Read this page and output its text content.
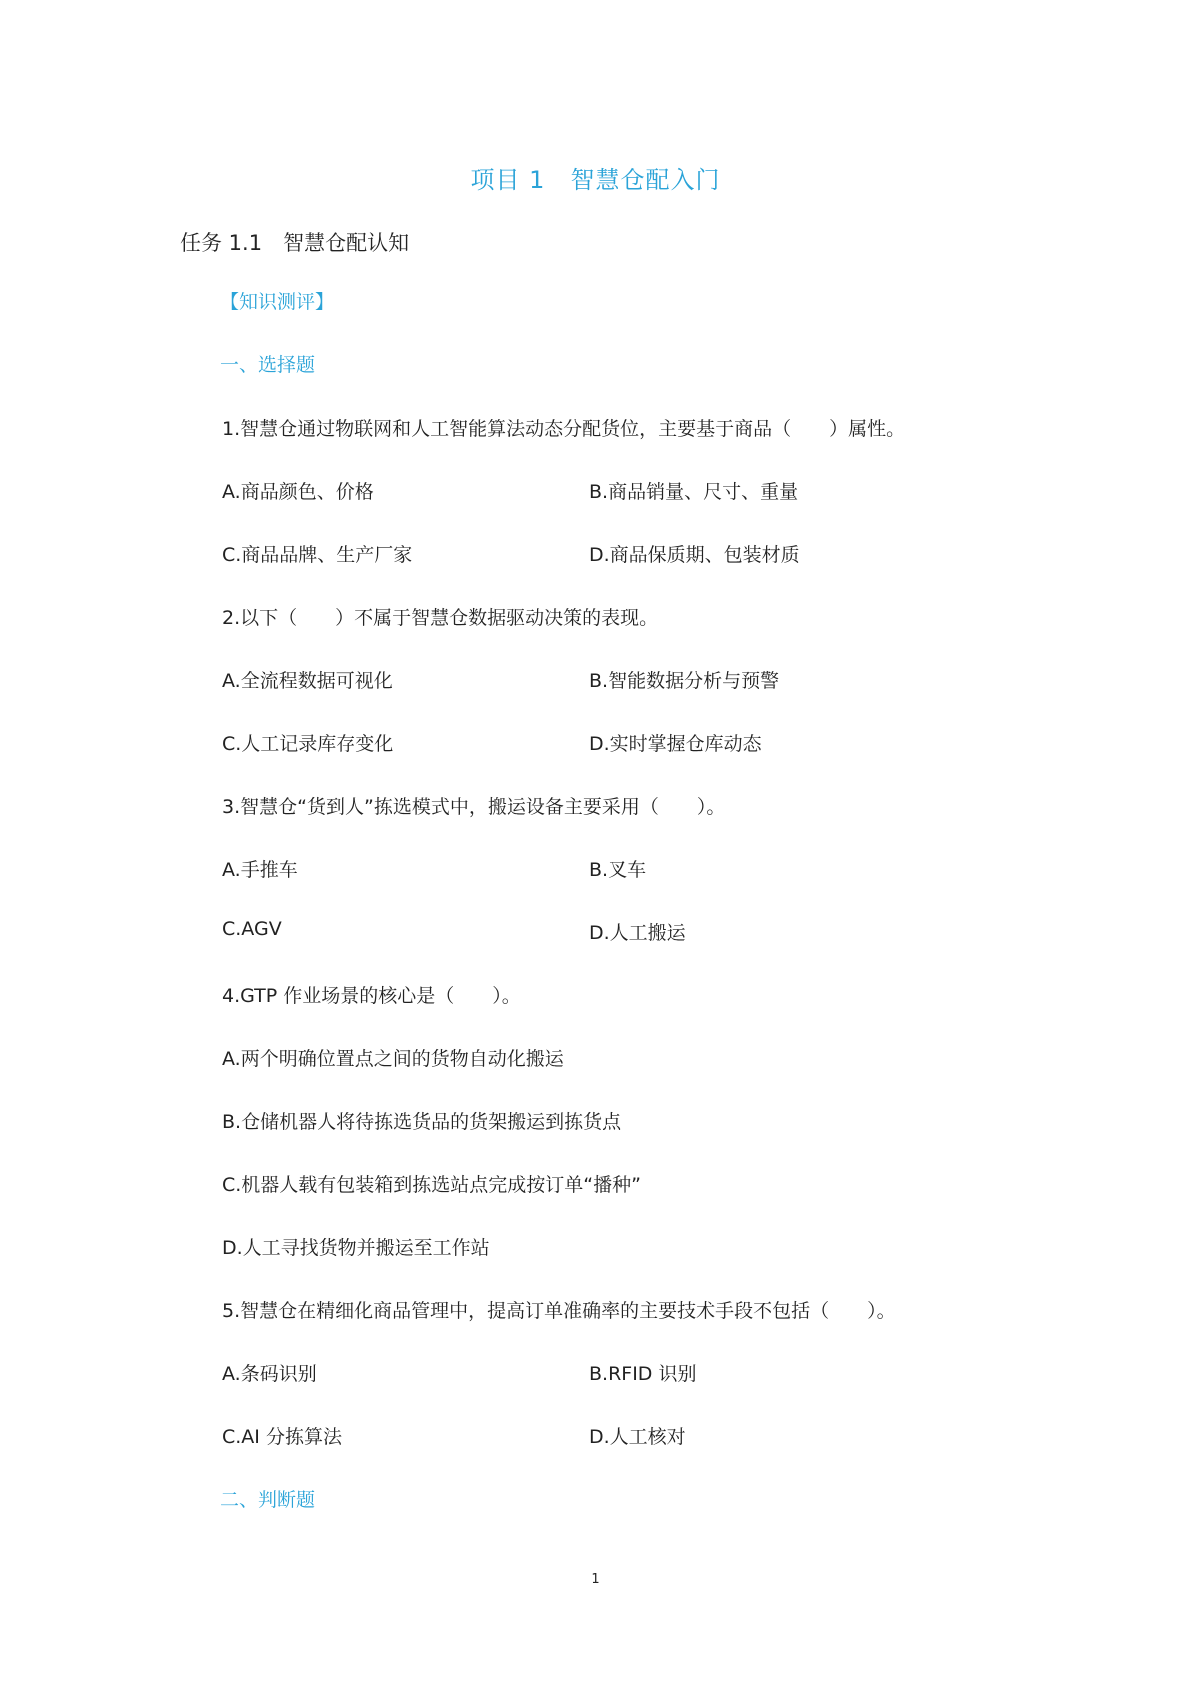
项目 1　智慧仓配入门
任务 1.1　智慧仓配认知
【知识测评】
一、选择题
1.智慧仓通过物联网和人工智能算法动态分配货位，主要基于商品（　　）属性。
A.商品颜色、价格	B.商品销量、尺寸、重量
C.商品品牌、生产厂家	D.商品保质期、包装材质
2.以下（　　）不属于智慧仓数据驱动决策的表现。
A.全流程数据可视化	B.智能数据分析与预警
C.人工记录库存变化	D.实时掌握仓库动态
3.智慧仓“货到人”拣选模式中，搬运设备主要采用（　　）。
A.手推车	B.叉车
C.AGV	D.人工搬运
4.GTP 作业场景的核心是（　　）。
A.两个明确位置点之间的货物自动化搬运
B.仓储机器人将待拣选货品的货架搬运到拣货点
C.机器人载有包装箱到拣选站点完成按订单“播种”
D.人工寻找货物并搬运至工作站
5.智慧仓在精细化商品管理中，提高订单准确率的主要技术手段不包括（　　）。
A.条码识别	B.RFID 识别
C.AI 分拣算法	D.人工核对
二、判断题
1
